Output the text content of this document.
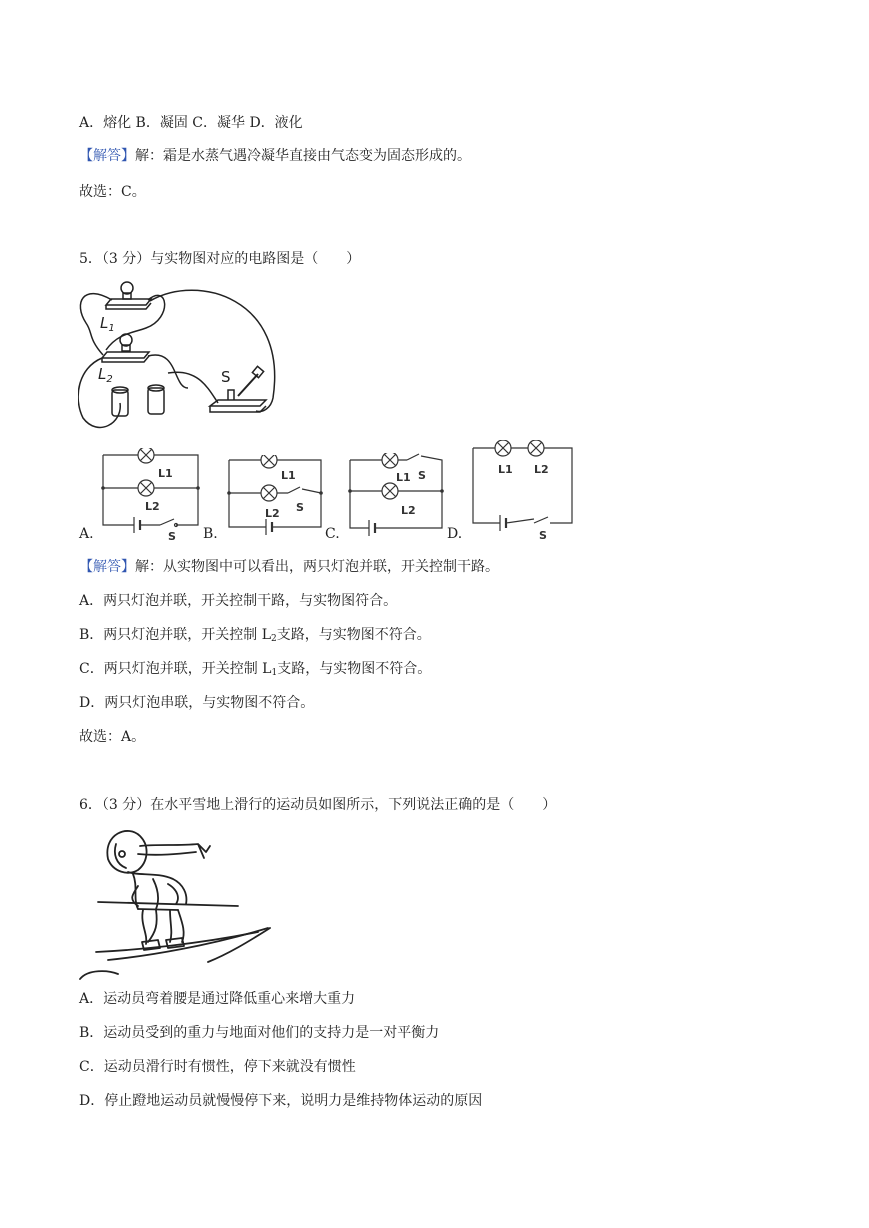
A．熔化 B．凝固 C．凝华 D．液化
【解答】解：霜是水蒸气遇冷凝华直接由气态变为固态形成的。
故选：C。
5．（3 分）与实物图对应的电路图是（　　）
$L_1$
$L_2$	S
A.	B.	C.	D.
L1
L2
S
L1
L2 S
L1 S
L2
L1 L2
S
【解答】解：从实物图中可以看出，两只灯泡并联，开关控制干路。
A．两只灯泡并联，开关控制干路，与实物图符合。
B．两只灯泡并联，开关控制 $L_2$支路，与实物图不符合。
C．两只灯泡并联，开关控制 $L_1$支路，与实物图不符合。
D．两只灯泡串联，与实物图不符合。
故选：A。
6．（3 分）在水平雪地上滑行的运动员如图所示，下列说法正确的是（　　）
A．运动员弯着腰是通过降低重心来增大重力
B．运动员受到的重力与地面对他们的支持力是一对平衡力
C．运动员滑行时有惯性，停下来就没有惯性
D．停止蹬地运动员就慢慢停下来，说明力是维持物体运动的原因
